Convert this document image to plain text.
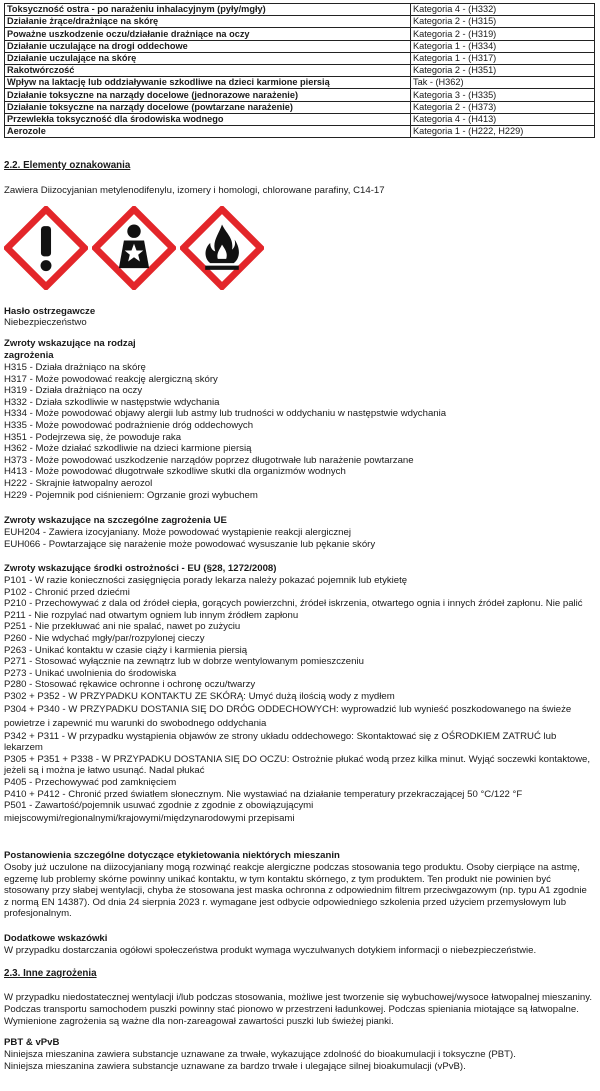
Toksyczność ostra - po narażeniu inhalacyjnym (pyły/mgły)	Kategoria 4 - (H332)
Działanie żrące/drażniące na skórę	Kategoria 2 - (H315)
Poważne uszkodzenie oczu/działanie drażniące na oczy	Kategoria 2 - (H319)
Działanie uczulające na drogi oddechowe	Kategoria 1 - (H334)
Działanie uczulające na skórę	Kategoria 1 - (H317)
Rakotwórczość	Kategoria 2 - (H351)
Wpływ na laktację lub oddziaływanie szkodliwe na dzieci karmione piersią	Tak - (H362)
Działanie toksyczne na narządy docelowe (jednorazowe narażenie)	Kategoria 3 - (H335)
Działanie toksyczne na narządy docelowe (powtarzane narażenie)	Kategoria 2 - (H373)
Przewlekła toksyczność dla środowiska wodnego	Kategoria 4 - (H413)
Aerozole	Kategoria 1 - (H222, H229)
2.2. Elementy oznakowania
Zawiera Diizocyjanian metylenodifenylu, izomery i homologi, chlorowane parafiny, C14-17
Hasło ostrzegawcze
Niebezpieczeństwo
Zwroty wskazujące na rodzaj
zagrożenia
H315 - Działa drażniąco na skórę
H317 - Może powodować reakcję alergiczną skóry
H319 - Działa drażniąco na oczy
H332 - Działa szkodliwie w następstwie wdychania
H334 - Może powodować objawy alergii lub astmy lub trudności w oddychaniu w następstwie wdychania
H335 - Może powodować podrażnienie dróg oddechowych
H351 - Podejrzewa się, że powoduje raka
H362 - Może działać szkodliwie na dzieci karmione piersią
H373 - Może powodować uszkodzenie narządów poprzez długotrwałe lub narażenie powtarzane
H413 - Może powodować długotrwałe szkodliwe skutki dla organizmów wodnych
H222 - Skrajnie łatwopalny aerozol
H229 - Pojemnik pod ciśnieniem: Ogrzanie grozi wybuchem
Zwroty wskazujące na szczególne zagrożenia UE
EUH204 - Zawiera izocyjaniany. Może powodować wystąpienie reakcji alergicznej
EUH066 - Powtarzające się narażenie może powodować wysuszanie lub pękanie skóry
Zwroty wskazujące środki ostrożności - EU (§28, 1272/2008)
P101 - W razie konieczności zasięgnięcia porady lekarza należy pokazać pojemnik lub etykietę
P102 - Chronić przed dziećmi
P210 - Przechowywać z dala od źródeł ciepła, gorących powierzchni, źródeł iskrzenia, otwartego ognia i innych źródeł zapłonu. Nie palić
P211 - Nie rozpylać nad otwartym ogniem lub innym źródłem zapłonu
P251 - Nie przekłuwać ani nie spalać, nawet po zużyciu
P260 - Nie wdychać mgły/par/rozpylonej cieczy
P263 - Unikać kontaktu w czasie ciąży i karmienia piersią
P271 - Stosować wyłącznie na zewnątrz lub w dobrze wentylowanym pomieszczeniu
P273 - Unikać uwolnienia do środowiska
P280 - Stosować rękawice ochronne i ochronę oczu/twarzy
P302 + P352 - W PRZYPADKU KONTAKTU ZE SKÓRĄ: Umyć dużą ilością wody z mydłem
P304 + P340 - W PRZYPADKU DOSTANIA SIĘ DO DRÓG ODDECHOWYCH: wyprowadzić lub wynieść poszkodowanego na świeże powietrze i zapewnić mu warunki do swobodnego oddychania
P342 + P311 - W przypadku wystąpienia objawów ze strony układu oddechowego: Skontaktować się z OŚRODKIEM ZATRUĆ lub lekarzem
P305 + P351 + P338 - W PRZYPADKU DOSTANIA SIĘ DO OCZU: Ostrożnie płukać wodą przez kilka minut. Wyjąć soczewki kontaktowe, jeżeli są i można je łatwo usunąć. Nadal płukać
P405 - Przechowywać pod zamknięciem
P410 + P412 - Chronić przed światłem słonecznym. Nie wystawiać na działanie temperatury przekraczającej 50 °C/122 °F
P501 - Zawartość/pojemnik usuwać zgodnie z zgodnie z obowiązującymi miejscowymi/regionalnymi/krajowymi/międzynarodowymi przepisami
Postanowienia szczególne dotyczące etykietowania niektórych mieszanin
Osoby już uczulone na diizocyjaniany mogą rozwinąć reakcje alergiczne podczas stosowania tego produktu. Osoby cierpiące na astmę, egzemę lub problemy skórne powinny unikać kontaktu, w tym kontaktu skórnego, z tym produktem. Ten produkt nie powinien być stosowany przy słabej wentylacji, chyba że stosowana jest maska ochronna z odpowiednim filtrem przeciwgazowym (np. typu A1 zgodnie z normą EN 14387). Od dnia 24 sierpnia 2023 r. wymagane jest odbycie odpowiedniego szkolenia przed użyciem przemysłowym lub profesjonalnym.
Dodatkowe wskazówki
W przypadku dostarczania ogółowi społeczeństwa produkt wymaga wyczulwanych dotykiem informacji o niebezpieczeństwie.
2.3. Inne zagrożenia
W przypadku niedostatecznej wentylacji i/lub podczas stosowania, możliwe jest tworzenie się wybuchowej/wysoce łatwopalnej mieszaniny. Podczas transportu samochodem puszki powinny stać pionowo w przestrzeni ładunkowej. Podczas spieniania miotające są łatwopalne. Wymienione zagrożenia są ważne dla non-zareagował zawartości puszki lub świeżej pianki.
PBT & vPvB
Niniejsza mieszanina zawiera substancje uznawane za trwałe, wykazujące zdolność do bioakumulacji i toksyczne (PBT).
Niniejsza mieszanina zawiera substancje uznawane za bardzo trwałe i ulegające silnej bioakumulacji (vPvB).
